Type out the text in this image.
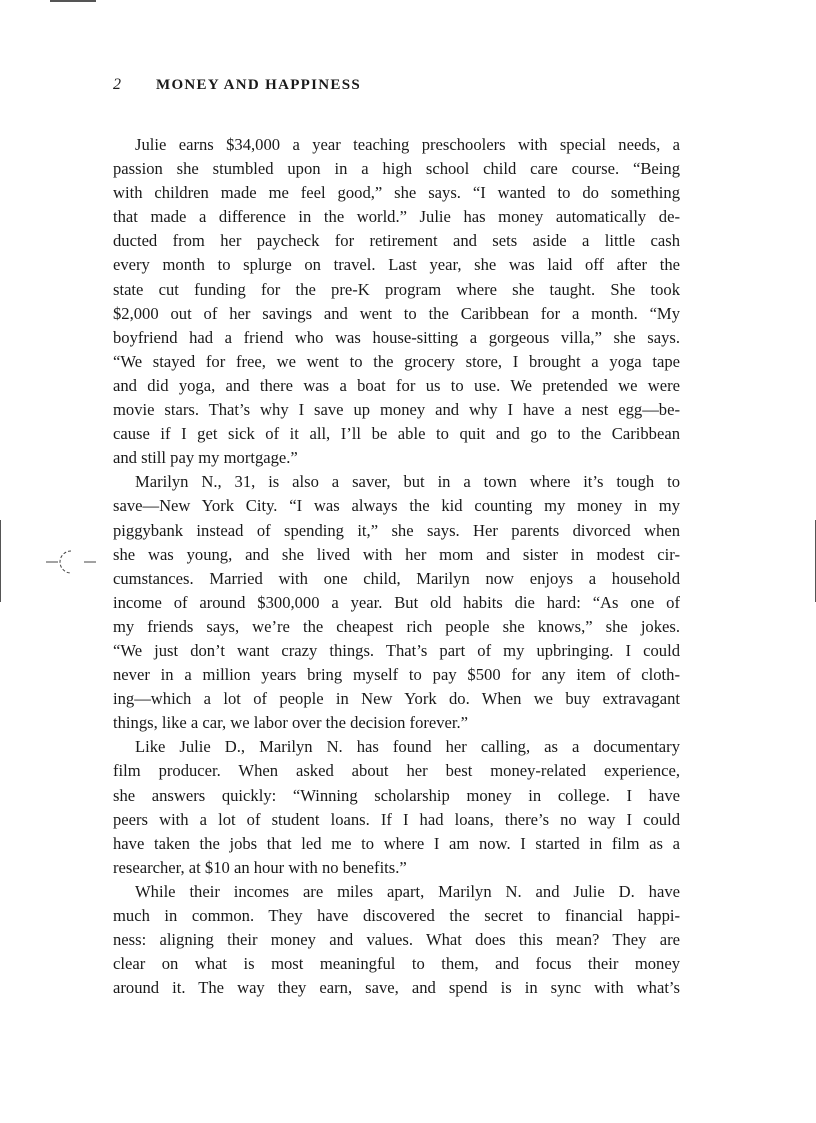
2	MONEY AND HAPPINESS
Julie earns $34,000 a year teaching preschoolers with special needs, a
passion she stumbled upon in a high school child care course. “Being
with children made me feel good,” she says. “I wanted to do something
that made a difference in the world.” Julie has money automatically de-
ducted from her paycheck for retirement and sets aside a little cash
every month to splurge on travel. Last year, she was laid off after the
state cut funding for the pre-K program where she taught. She took
$2,000 out of her savings and went to the Caribbean for a month. “My
boyfriend had a friend who was house-sitting a gorgeous villa,” she says.
“We stayed for free, we went to the grocery store, I brought a yoga tape
and did yoga, and there was a boat for us to use. We pretended we were
movie stars. That’s why I save up money and why I have a nest egg—be-
cause if I get sick of it all, I’ll be able to quit and go to the Caribbean
and still pay my mortgage.”
Marilyn N., 31, is also a saver, but in a town where it’s tough to
save—New York City. “I was always the kid counting my money in my
piggybank instead of spending it,” she says. Her parents divorced when
she was young, and she lived with her mom and sister in modest cir-
cumstances. Married with one child, Marilyn now enjoys a household
income of around $300,000 a year. But old habits die hard: “As one of
my friends says, we’re the cheapest rich people she knows,” she jokes.
“We just don’t want crazy things. That’s part of my upbringing. I could
never in a million years bring myself to pay $500 for any item of cloth-
ing—which a lot of people in New York do. When we buy extravagant
things, like a car, we labor over the decision forever.”
Like Julie D., Marilyn N. has found her calling, as a documentary
film producer. When asked about her best money-related experience,
she answers quickly: “Winning scholarship money in college. I have
peers with a lot of student loans. If I had loans, there’s no way I could
have taken the jobs that led me to where I am now. I started in film as a
researcher, at $10 an hour with no benefits.”
While their incomes are miles apart, Marilyn N. and Julie D. have
much in common. They have discovered the secret to financial happi-
ness: aligning their money and values. What does this mean? They are
clear on what is most meaningful to them, and focus their money
around it. The way they earn, save, and spend is in sync with what’s
